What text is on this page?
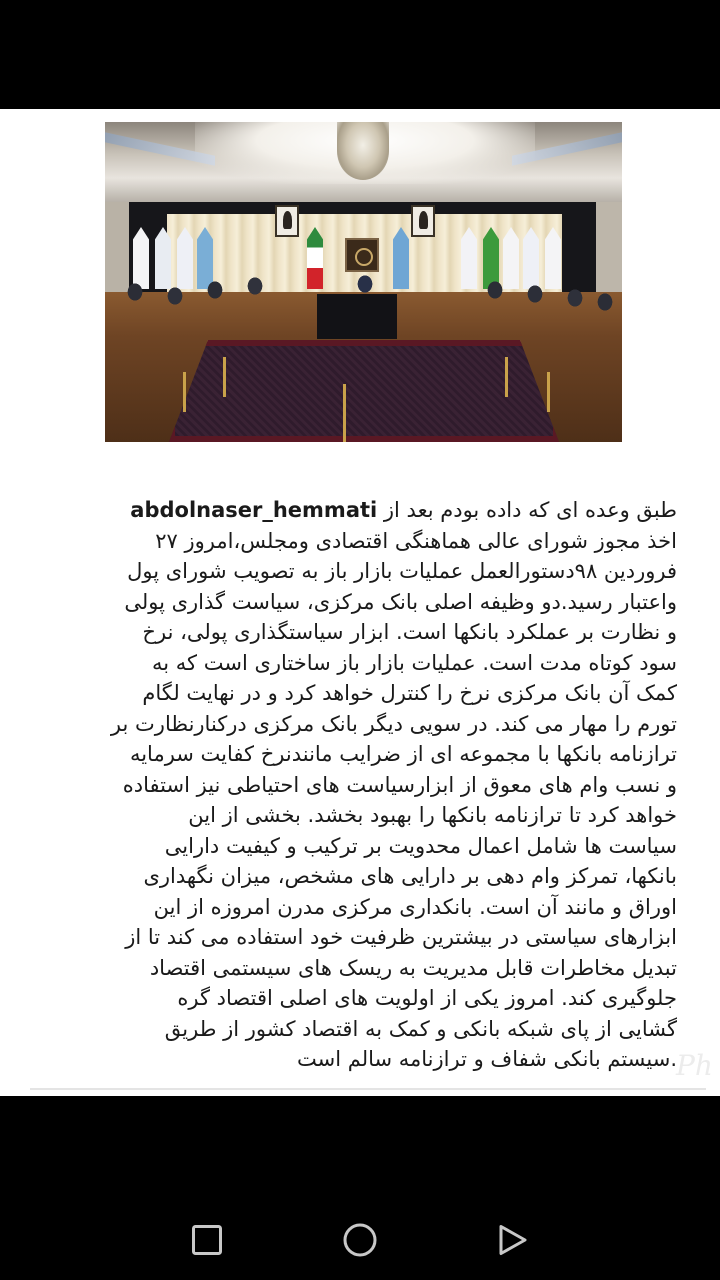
طبق وعده ای که داده بودم بعد از abdolnaser_hemmati
اخذ مجوز شورای عالی هماهنگی اقتصادی ومجلس،امروز ۲۷
فروردین ۹۸دستورالعمل عملیات بازار باز به تصویب شورای پول
واعتبار رسید.دو وظیفه اصلی بانک مرکزی، سیاست گذاری پولی
و نظارت بر عملکرد بانکها است. ابزار سیاستگذاری پولی، نرخ
سود کوتاه مدت است. عملیات بازار باز ساختاری است که به
کمک آن بانک مرکزی نرخ را کنترل خواهد کرد و در نهایت لگام
تورم را مهار می کند. در سویی دیگر بانک مرکزی درکنارنظارت بر
ترازنامه بانکها با مجموعه ای از ضرایب مانندنرخ کفایت سرمایه
و نسب وام های معوق از ابزارسیاست های احتیاطی نیز استفاده
خواهد کرد تا ترازنامه بانکها را بهبود بخشد. بخشی از این
سیاست ها شامل اعمال محدویت بر ترکیب و کیفیت دارایی
بانکها، تمرکز وام دهی بر دارایی های مشخص، میزان نگهداری
اوراق و مانند آن است. بانکداری مرکزی مدرن امروزه از این
ابزارهای سیاستی در بیشترین ظرفیت خود استفاده می کند تا از
تبدیل مخاطرات قابل مدیریت به ریسک های سیستمی اقتصاد
جلوگیری کند. امروز یکی از اولویت های اصلی اقتصاد گره
گشایی از پای شبکه بانکی و کمک به اقتصاد کشور از طریق
.سیستم بانکی شفاف و ترازنامه سالم است Ph
